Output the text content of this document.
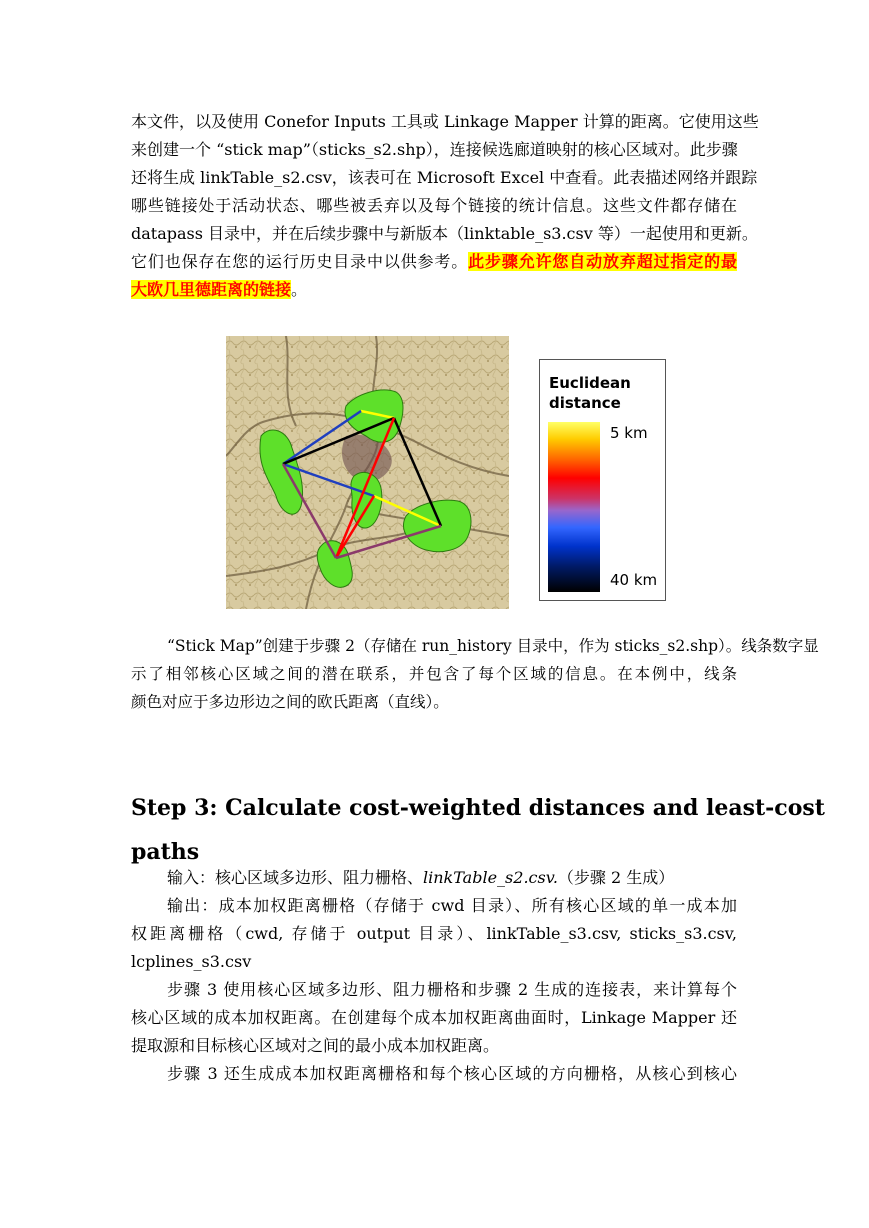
本文件，以及使用 Conefor Inputs 工具或 Linkage Mapper 计算的距离。它使用这些
来创建一个 “stick map”（sticks_s2.shp），连接候选廊道映射的核心区域对。此步骤
还将生成 linkTable_s2.csv，该表可在 Microsoft Excel 中查看。此表描述网络并跟踪
哪些链接处于活动状态、哪些被丢弃以及每个链接的统计信息。这些文件都存储在
datapass 目录中，并在后续步骤中与新版本（linktable_s3.csv 等）一起使用和更新。
它们也保存在您的运行历史目录中以供参考。此步骤允许您自动放弃超过指定的最
大欧几里德距离的链接。

Euclidean
distance
5 km
40 km
“Stick Map”创建于步骤 2（存储在 run_history 目录中，作为 sticks_s2.shp）。线条数字显
示了相邻核心区域之间的潜在联系，并包含了每个区域的信息。在本例中，线条
颜色对应于多边形边之间的欧氏距离（直线）。
Step 3: Calculate cost-weighted distances and least-cost
paths
输入：核心区域多边形、阻力栅格、linkTable_s2.csv.（步骤 2 生成）
输出：成本加权距离栅格（存储于 cwd 目录）、所有核心区域的单一成本加
权距离栅格（cwd, 存储于 output 目录）、linkTable_s3.csv, sticks_s3.csv,
lcplines_s3.csv
步骤 3 使用核心区域多边形、阻力栅格和步骤 2 生成的连接表，来计算每个
核心区域的成本加权距离。在创建每个成本加权距离曲面时，Linkage Mapper 还
提取源和目标核心区域对之间的最小成本加权距离。
步骤 3 还生成成本加权距离栅格和每个核心区域的方向栅格，从核心到核心
